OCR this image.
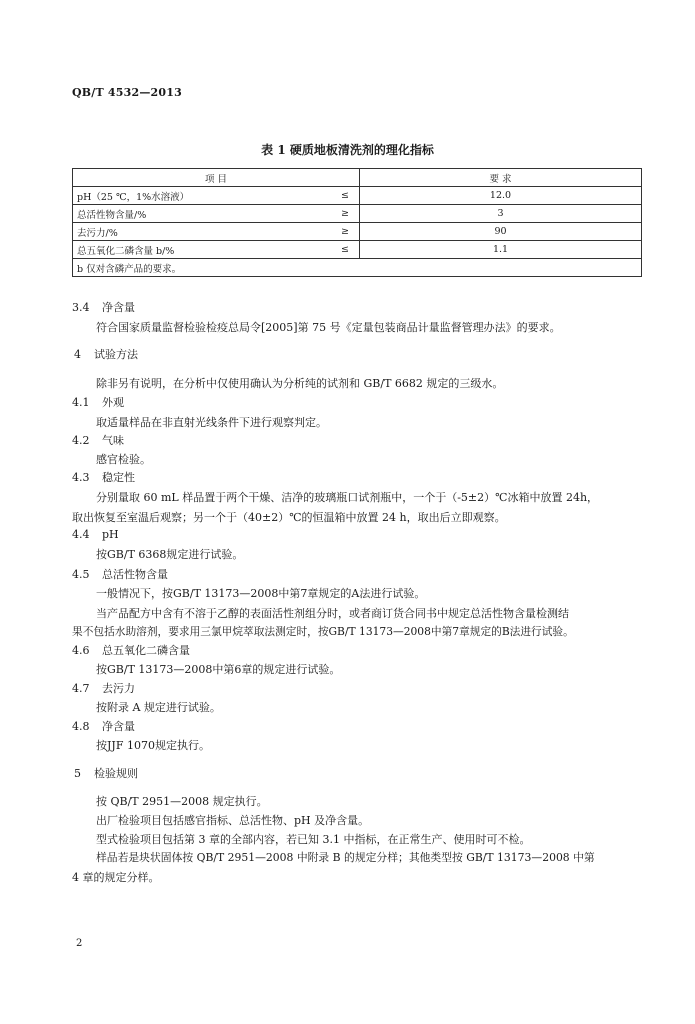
QB/T 4532—2013
表 1 硬质地板清洗剂的理化指标
项 目		要 求
pH（25 ℃，1%水溶液）	≤	12.0
总活性物含量/%	≥	3
去污力/%	≥	90
总五氧化二磷含量 b/%	≤	1.1
b 仅对含磷产品的要求。		
3.4 净含量
符合国家质量监督检验检疫总局令[2005]第 75 号《定量包装商品计量监督管理办法》的要求。
4 试验方法
除非另有说明，在分析中仅使用确认为分析纯的试剂和 GB/T 6682 规定的三级水。
4.1 外观
取适量样品在非直射光线条件下进行观察判定。
4.2 气味
感官检验。
4.3 稳定性
分别量取 60 mL 样品置于两个干燥、洁净的玻璃瓶口试剂瓶中，一个于（-5±2）℃冰箱中放置 24h，
取出恢复至室温后观察；另一个于（40±2）℃的恒温箱中放置 24 h，取出后立即观察。
4.4 pH
按GB/T 6368规定进行试验。
4.5 总活性物含量
一般情况下，按GB/T 13173—2008中第7章规定的A法进行试验。
当产品配方中含有不溶于乙醇的表面活性剂组分时，或者商订货合同书中规定总活性物含量检测结
果不包括水助溶剂，要求用三氯甲烷萃取法测定时，按GB/T 13173—2008中第7章规定的B法进行试验。
4.6 总五氧化二磷含量
按GB/T 13173—2008中第6章的规定进行试验。
4.7 去污力
按附录 A 规定进行试验。
4.8 净含量
按JJF 1070规定执行。
5 检验规则
按 QB/T 2951—2008 规定执行。
出厂检验项目包括感官指标、总活性物、pH 及净含量。
型式检验项目包括第 3 章的全部内容，若已知 3.1 中指标，在正常生产、使用时可不检。
样品若是块状固体按 QB/T 2951—2008 中附录 B 的规定分样；其他类型按 GB/T 13173—2008 中第
4 章的规定分样。
2
